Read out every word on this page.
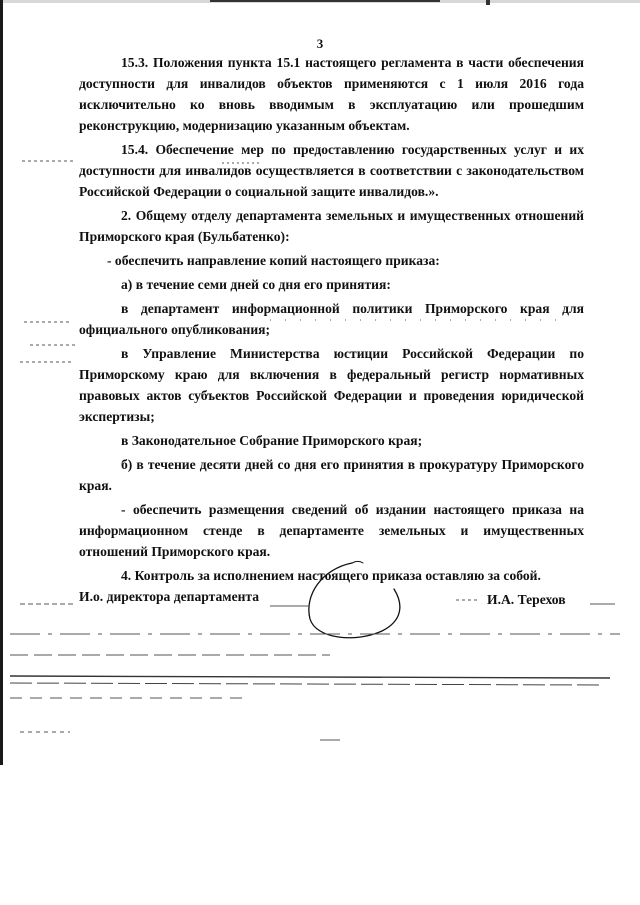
3

15.3. Положения пункта 15.1 настоящего регламента в части обеспечения доступности для инвалидов объектов применяются с 1 июля 2016 года исключительно ко вновь вводимым в эксплуатацию или прошедшим реконструкцию, модернизацию указанным объектам.

15.4. Обеспечение мер по предоставлению государственных услуг и их доступности для инвалидов осуществляется в соответствии с законодательством Российской Федерации о социальной защите инвалидов.».

2. Общему отделу департамента земельных и имущественных отношений Приморского края (Бульбатенко):

- обеспечить направление копий настоящего приказа:

а) в течение семи дней со дня его принятия:

в департамент информационной политики Приморского края для официального опубликования;

в Управление Министерства юстиции Российской Федерации по Приморскому краю для включения в федеральный регистр нормативных правовых актов субъектов Российской Федерации и проведения юридической экспертизы;

в Законодательное Собрание Приморского края;

б) в течение десяти дней со дня его принятия в прокуратуру Приморского края.

- обеспечить размещения сведений об издании настоящего приказа на информационном стенде в департаменте земельных и имущественных отношений Приморского края.

4. Контроль за исполнением настоящего приказа оставляю за собой.

И.о. директора департамента	И.А. Терехов
